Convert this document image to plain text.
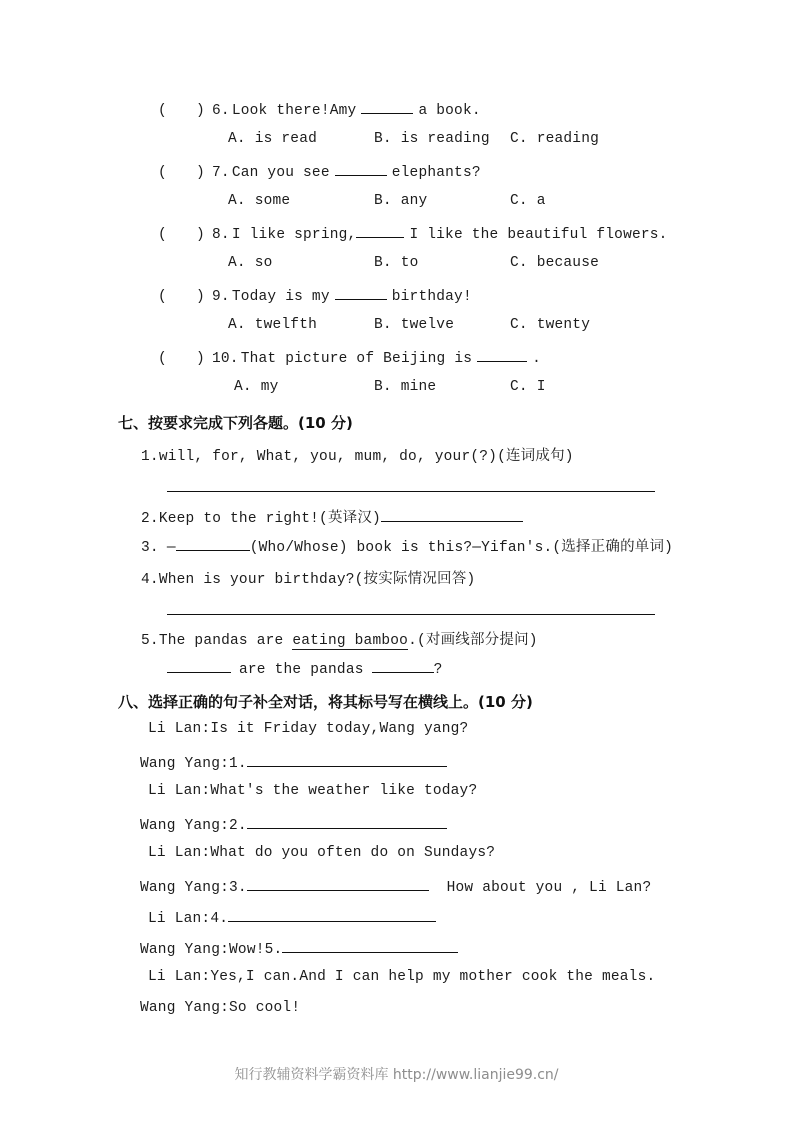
( ) 6. Look there!Amy	a book.
A. is read	B. is reading C. reading
( ) 7. Can you see	elephants?
A. some	B. any	C. a
( ) 8. I like spring,	I like the beautiful flowers.
A. so	B. to	C. because
( ) 9. Today is my	birthday!
A. twelfth	B. twelve	C. twenty
( ) 10. That picture of Beijing is	.
A. my	B. mine	C. I
七、按要求完成下列各题。(10 分)
1. will, for, What, you, mum, do, your(?)(连词成句)
2. Keep to the right!(英译汉)
3. —	(Who/Whose) book is this?—Yifan's.(选择正确的单词)
4. When is your birthday?(按实际情况回答)
5. The pandas are eating bamboo .(对画线部分提问)
are the pandas	?
八、选择正确的句子补全对话，将其标号写在横线上。(10 分)
Li Lan: Is it Friday today,Wang yang?
Wang Yang: 1.
Li Lan: What's the weather like today?
Wang Yang: 2.
Li Lan: What do you often do on Sundays?
Wang Yang: 3.	How about you , Li Lan?
Li Lan: 4.
Wang Yang: Wow!5.
Li Lan: Yes,I can.And I can help my mother cook the meals.
Wang Yang: So cool!
知行教辅资料学霸资料库 http://www.lianjie99.cn/
